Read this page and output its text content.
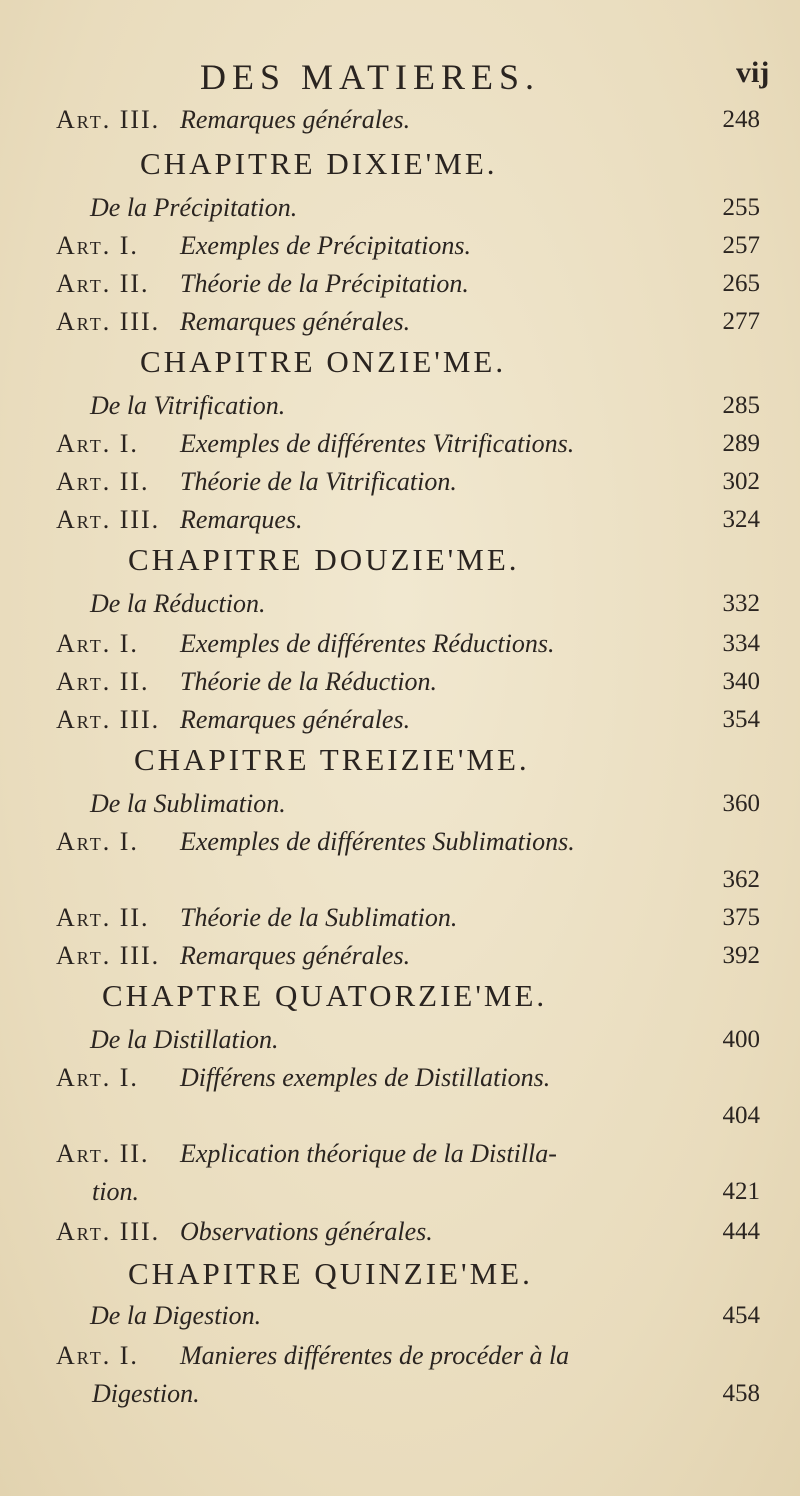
DES MATIERES.	vij
Art. III. Remarques générales.	248
CHAPITRE DIXIE'ME.
De la Précipitation.	255
Art. I. Exemples de Précipitations.	257
Art. II. Théorie de la Précipitation.	265
Art. III. Remarques générales.	277
CHAPITRE ONZIE'ME.
De la Vitrification.	285
Art. I. Exemples de différentes Vitrifications.	289
Art. II. Théorie de la Vitrification.	302
Art. III. Remarques.	324
CHAPITRE DOUZIE'ME.
De la Réduction.	332
Art. I. Exemples de différentes Réductions.	334
Art. II. Théorie de la Réduction.	340
Art. III. Remarques générales.	354
CHAPITRE TREIZIE'ME.
De la Sublimation.	360
Art. I. Exemples de différentes Sublimations.
362
Art. II. Théorie de la Sublimation.	375
Art. III. Remarques générales.	392
CHAPTRE QUATORZIE'ME.
De la Distillation.	400
Art. I. Différens exemples de Distillations.
404
Art. II. Explication théorique de la Distilla-
tion.	421
Art. III. Observations générales.	444
CHAPITRE QUINZIE'ME.
De la Digestion.	454
Art. I. Manieres différentes de procéder à la
Digestion.	458
